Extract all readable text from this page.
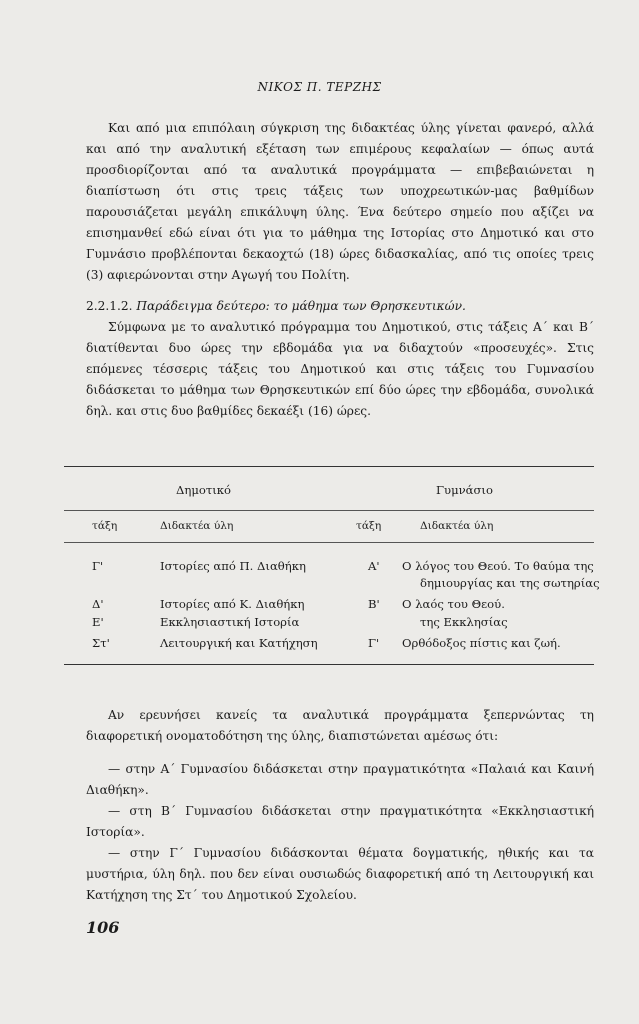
ΝΙΚΟΣ Π. ΤΕΡΖΗΣ

Και από μια επιπόλαιη σύγκριση της διδακτέας ύλης γίνεται φανερό, αλλά και από την αναλυτική εξέταση των επιμέρους κεφαλαίων — όπως αυτά προσδιορίζονται από τα αναλυτικά προγράμματα — επιβεβαιώνεται η διαπίστωση ότι στις τρεις τάξεις των υποχρεωτικών-μας βαθμίδων παρουσιάζεται μεγάλη επικάλυψη ύλης. Ένα δεύτερο σημείο που αξίζει να επισημανθεί εδώ είναι ότι για το μάθημα της Ιστορίας στο Δημοτικό και στο Γυμνάσιο προβλέπονται δεκαοχτώ (18) ώρες διδασκαλίας, από τις οποίες τρεις (3) αφιερώνονται στην Αγωγή του Πολίτη.

2.2.1.2. Παράδειγμα δεύτερο: το μάθημα των Θρησκευτικών.

Σύμφωνα με το αναλυτικό πρόγραμμα του Δημοτικού, στις τάξεις Α΄ και Β΄ διατίθενται δυο ώρες την εβδομάδα για να διδαχτούν «προσευχές». Στις επόμενες τέσσερις τάξεις του Δημοτικού και στις τάξεις του Γυμνασίου διδάσκεται το μάθημα των Θρησκευτικών επί δύο ώρες την εβδομάδα, συνολικά δηλ. και στις δυο βαθμίδες δεκαέξι (16) ώρες.

Δημοτικό	Γυμνάσιο
τάξη	Διδακτέα ύλη	τάξη	Διδακτέα ύλη
Γ'	Ιστορίες από Π. Διαθήκη	Α' Ο λόγος του Θεού. Το θαύμα της
δημιουργίας και της σωτηρίας
Δ'	Ιστορίες από Κ. Διαθήκη	Β' Ο λαός του Θεού.
της Εκκλησίας
Ε'	Εκκλησιαστική Ιστορία
Στ'	Λειτουργική και Κατήχηση	Γ' Ορθόδοξος πίστις και ζωή.

Αν ερευνήσει κανείς τα αναλυτικά προγράμματα ξεπερνώντας τη διαφορετική ονοματοδότηση της ύλης, διαπιστώνεται αμέσως ότι:

— στην Α΄ Γυμνασίου διδάσκεται στην πραγματικότητα «Παλαιά και Καινή Διαθήκη».

— στη Β΄ Γυμνασίου διδάσκεται στην πραγματικότητα «Εκκλησιαστική Ιστορία».

— στην Γ΄ Γυμνασίου διδάσκονται θέματα δογματικής, ηθικής και τα μυστήρια, ύλη δηλ. που δεν είναι ουσιωδώς διαφορετική από τη Λειτουργική και Κατήχηση της Στ΄ του Δημοτικού Σχολείου.

106
